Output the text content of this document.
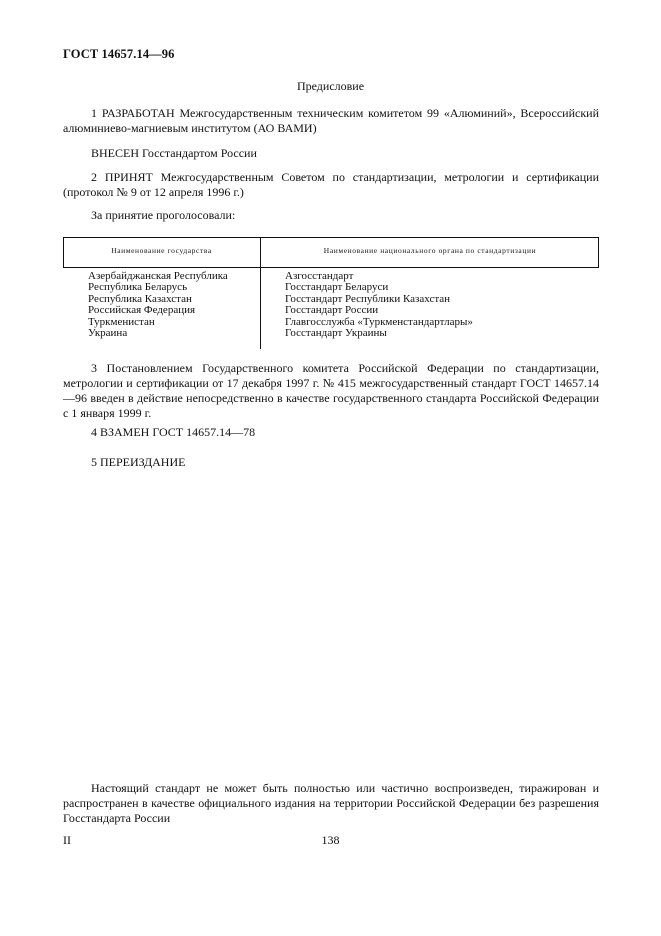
ГОСТ 14657.14—96
Предисловие
1 РАЗРАБОТАН Межгосударственным техническим комитетом 99 «Алюминий», Всероссийский алюминиево-магниевым институтом (АО ВАМИ)
ВНЕСЕН Госстандартом России
2 ПРИНЯТ Межгосударственным Советом по стандартизации, метрологии и сертификации (протокол № 9 от 12 апреля 1996 г.)
За принятие проголосовали:
Наименование государства	Наименование национального органа по стандартизации
Азербайджанская Республика
Республика Беларусь
Республика Казахстан
Российская Федерация
Туркменистан
Украина
Азгосстандарт
Госстандарт Беларуси
Госстандарт Республики Казахстан
Госстандарт России
Главгосслужба «Туркменстандартлары»
Госстандарт Украины
3 Постановлением Государственного комитета Российской Федерации по стандартизации, метрологии и сертификации от 17 декабря 1997 г. № 415 межгосударственный стандарт ГОСТ 14657.14—96 введен в действие непосредственно в качестве государственного стандарта Российской Федерации с 1 января 1999 г.
4 ВЗАМЕН ГОСТ 14657.14—78
5 ПЕРЕИЗДАНИЕ
Настоящий стандарт не может быть полностью или частично воспроизведен, тиражирован и распространен в качестве официального издания на территории Российской Федерации без разрешения Госстандарта России
II	138
